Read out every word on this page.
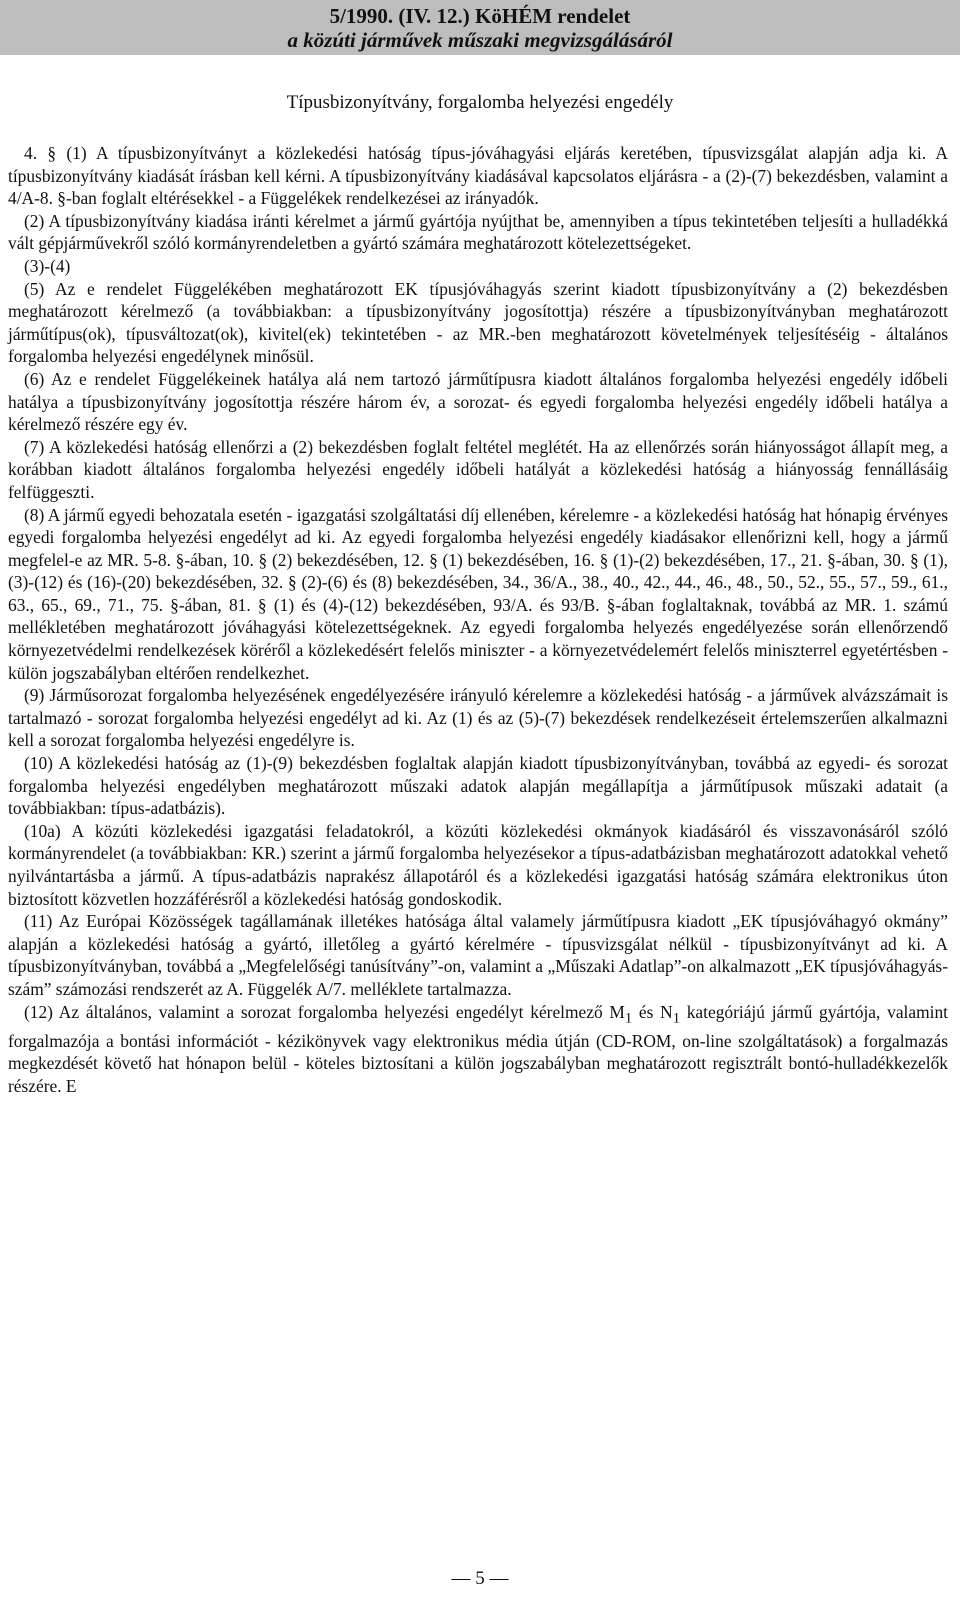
5/1990. (IV. 12.) KöHÉM rendelet
a közúti járművek műszaki megvizsgálásáról
Típusbizonyítvány, forgalomba helyezési engedély

4. § (1) A típusbizonyítványt a közlekedési hatóság típus-jóváhagyási eljárás keretében, típusvizsgálat alapján adja ki. A típusbizonyítvány kiadását írásban kell kérni. A típusbizonyítvány kiadásával kapcsolatos eljárásra - a (2)-(7) bekezdésben, valamint a 4/A-8. §-ban foglalt eltérésekkel - a Függelékek rendelkezései az irányadók.

(2) A típusbizonyítvány kiadása iránti kérelmet a jármű gyártója nyújthat be, amennyiben a típus tekintetében teljesíti a hulladékká vált gépjárművekről szóló kormányrendeletben a gyártó számára meghatározott kötelezettségeket.

(3)-(4)

(5) Az e rendelet Függelékében meghatározott EK típusjóváhagyás szerint kiadott típusbizonyítvány a (2) bekezdésben meghatározott kérelmező (a továbbiakban: a típusbizonyítvány jogosítottja) részére a típusbizonyítványban meghatározott járműtípus(ok), típusváltozat(ok), kivitel(ek) tekintetében - az MR.-ben meghatározott követelmények teljesítéséig - általános forgalomba helyezési engedélynek minősül.

(6) Az e rendelet Függelékeinek hatálya alá nem tartozó járműtípusra kiadott általános forgalomba helyezési engedély időbeli hatálya a típusbizonyítvány jogosítottja részére három év, a sorozat- és egyedi forgalomba helyezési engedély időbeli hatálya a kérelmező részére egy év.

(7) A közlekedési hatóság ellenőrzi a (2) bekezdésben foglalt feltétel meglétét. Ha az ellenőrzés során hiányosságot állapít meg, a korábban kiadott általános forgalomba helyezési engedély időbeli hatályát a közlekedési hatóság a hiányosság fennállásáig felfüggeszti.

(8) A jármű egyedi behozatala esetén - igazgatási szolgáltatási díj ellenében, kérelemre - a közlekedési hatóság hat hónapig érvényes egyedi forgalomba helyezési engedélyt ad ki. Az egyedi forgalomba helyezési engedély kiadásakor ellenőrizni kell, hogy a jármű megfelel-e az MR. 5-8. §-ában, 10. § (2) bekezdésében, 12. § (1) bekezdésében, 16. § (1)-(2) bekezdésében, 17., 21. §-ában, 30. § (1), (3)-(12) és (16)-(20) bekezdésében, 32. § (2)-(6) és (8) bekezdésében, 34., 36/A., 38., 40., 42., 44., 46., 48., 50., 52., 55., 57., 59., 61., 63., 65., 69., 71., 75. §-ában, 81. § (1) és (4)-(12) bekezdésében, 93/A. és 93/B. §-ában foglaltaknak, továbbá az MR. 1. számú mellékletében meghatározott jóváhagyási kötelezettségeknek. Az egyedi forgalomba helyezés engedélyezése során ellenőrzendő környezetvédelmi rendelkezések köréről a közlekedésért felelős miniszter - a környezetvédelemért felelős miniszterrel egyetértésben - külön jogszabályban eltérően rendelkezhet.

(9) Járműsorozat forgalomba helyezésének engedélyezésére irányuló kérelemre a közlekedési hatóság - a járművek alvázszámait is tartalmazó - sorozat forgalomba helyezési engedélyt ad ki. Az (1) és az (5)-(7) bekezdések rendelkezéseit értelemszerűen alkalmazni kell a sorozat forgalomba helyezési engedélyre is.

(10) A közlekedési hatóság az (1)-(9) bekezdésben foglaltak alapján kiadott típusbizonyítványban, továbbá az egyedi- és sorozat forgalomba helyezési engedélyben meghatározott műszaki adatok alapján megállapítja a járműtípusok műszaki adatait (a továbbiakban: típus-adatbázis).

(10a) A közúti közlekedési igazgatási feladatokról, a közúti közlekedési okmányok kiadásáról és visszavonásáról szóló kormányrendelet (a továbbiakban: KR.) szerint a jármű forgalomba helyezésekor a típus-adatbázisban meghatározott adatokkal vehető nyilvántartásba a jármű. A típus-adatbázis naprakész állapotáról és a közlekedési igazgatási hatóság számára elektronikus úton biztosított közvetlen hozzáférésről a közlekedési hatóság gondoskodik.

(11) Az Európai Közösségek tagállamának illetékes hatósága által valamely járműtípusra kiadott „EK típusjóváhagyó okmány” alapján a közlekedési hatóság a gyártó, illetőleg a gyártó kérelmére - típusvizsgálat nélkül - típusbizonyítványt ad ki. A típusbizonyítványban, továbbá a „Megfelelőségi tanúsítvány”-on, valamint a „Műszaki Adatlap”-on alkalmazott „EK típusjóváhagyás-szám” számozási rendszerét az A. Függelék A/7. melléklete tartalmazza.

(12) Az általános, valamint a sorozat forgalomba helyezési engedélyt kérelmező $M_1$ és $N_1$ kategóriájú jármű gyártója, valamint forgalmazója a bontási információt - kézikönyvek vagy elektronikus média útján (CD-ROM, on-line szolgáltatások) a forgalmazás megkezdését követő hat hónapon belül - köteles biztosítani a külön jogszabályban meghatározott regisztrált bontó-hulladékkezelők részére. E

— 5 —
